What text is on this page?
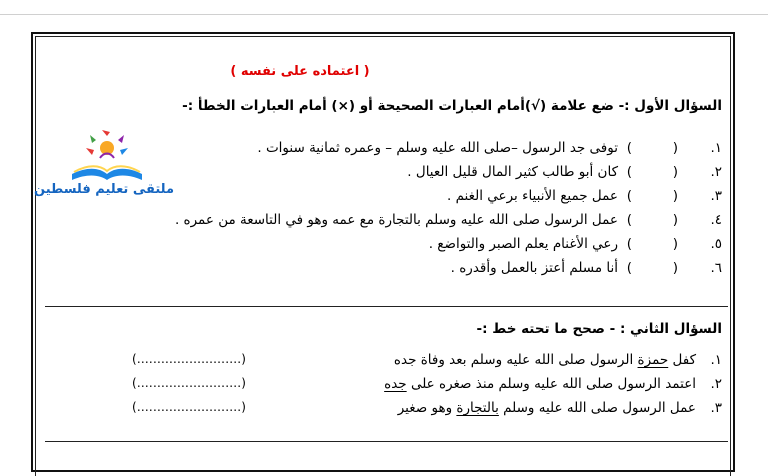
( اعتماده على نفسه )
ملتقى تعليم فلسطين
السؤال الأول :- ضع علامة (√)أمام العبارات الصحيحة أو (×) أمام العبارات الخطأ :-
١.
(
)
توفى جد الرسول –صلى الله عليه وسلم – وعمره ثمانية سنوات .
٢.
(
)
كان أبو طالب كثير المال قليل العيال .
٣.
(
)
عمل جميع الأنبياء برعي الغنم .
٤.
(
)
عمل الرسول صلى الله عليه وسلم بالتجارة مع عمه وهو في التاسعة من عمره .
٥.
(
)
رعي الأغنام يعلم الصبر والتواضع .
٦.
(
)
أنا مسلم أعتز بالعمل وأقدره .
السؤال الثاني : - صحح ما تحته خط :-
١.
كفل حمزة الرسول صلى الله عليه وسلم بعد وفاة جده
(..........................)
٢.
اعتمد الرسول صلى الله عليه وسلم منذ صغره على جده
(..........................)
٣.
عمل الرسول صلى الله عليه وسلم بالتجارة وهو صغير
(..........................)
